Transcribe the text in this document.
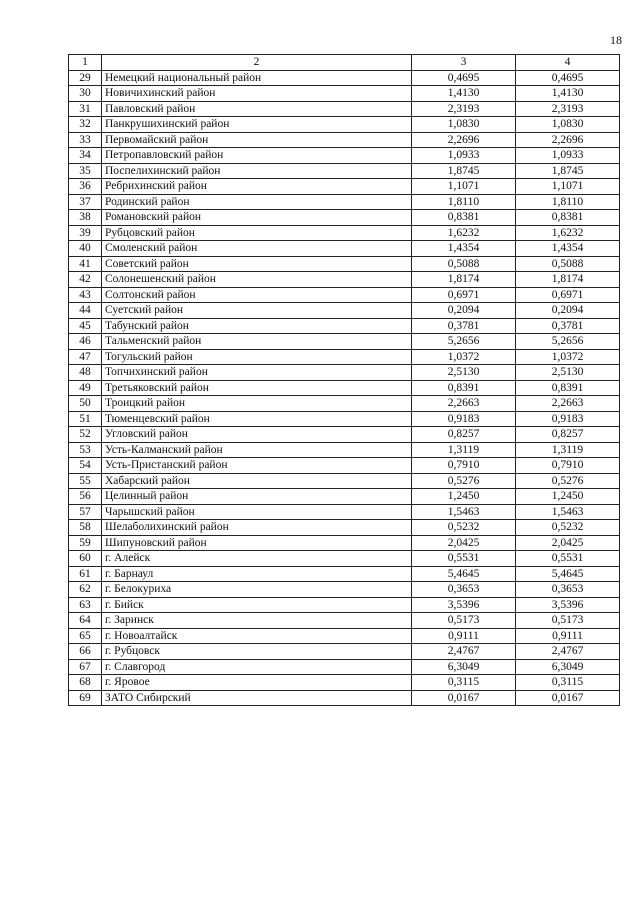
18
1	2	3	4
29	Немецкий национальный район	0,4695	0,4695
30	Новичихинский район	1,4130	1,4130
31	Павловский район	2,3193	2,3193
32	Панкрушихинский район	1,0830	1,0830
33	Первомайский район	2,2696	2,2696
34	Петропавловский район	1,0933	1,0933
35	Поспелихинский район	1,8745	1,8745
36	Ребрихинский район	1,1071	1,1071
37	Родинский район	1,8110	1,8110
38	Романовский район	0,8381	0,8381
39	Рубцовский район	1,6232	1,6232
40	Смоленский район	1,4354	1,4354
41	Советский район	0,5088	0,5088
42	Солонешенский район	1,8174	1,8174
43	Солтонский район	0,6971	0,6971
44	Суетский район	0,2094	0,2094
45	Табунский район	0,3781	0,3781
46	Тальменский район	5,2656	5,2656
47	Тогульский район	1,0372	1,0372
48	Топчихинский район	2,5130	2,5130
49	Третьяковский район	0,8391	0,8391
50	Троицкий район	2,2663	2,2663
51	Тюменцевский район	0,9183	0,9183
52	Угловский район	0,8257	0,8257
53	Усть-Калманский район	1,3119	1,3119
54	Усть-Пристанский район	0,7910	0,7910
55	Хабарский район	0,5276	0,5276
56	Целинный район	1,2450	1,2450
57	Чарышский район	1,5463	1,5463
58	Шелаболихинский район	0,5232	0,5232
59	Шипуновский район	2,0425	2,0425
60	г. Алейск	0,5531	0,5531
61	г. Барнаул	5,4645	5,4645
62	г. Белокуриха	0,3653	0,3653
63	г. Бийск	3,5396	3,5396
64	г. Заринск	0,5173	0,5173
65	г. Новоалтайск	0,9111	0,9111
66	г. Рубцовск	2,4767	2,4767
67	г. Славгород	6,3049	6,3049
68	г. Яровое	0,3115	0,3115
69	ЗАТО Сибирский	0,0167	0,0167
